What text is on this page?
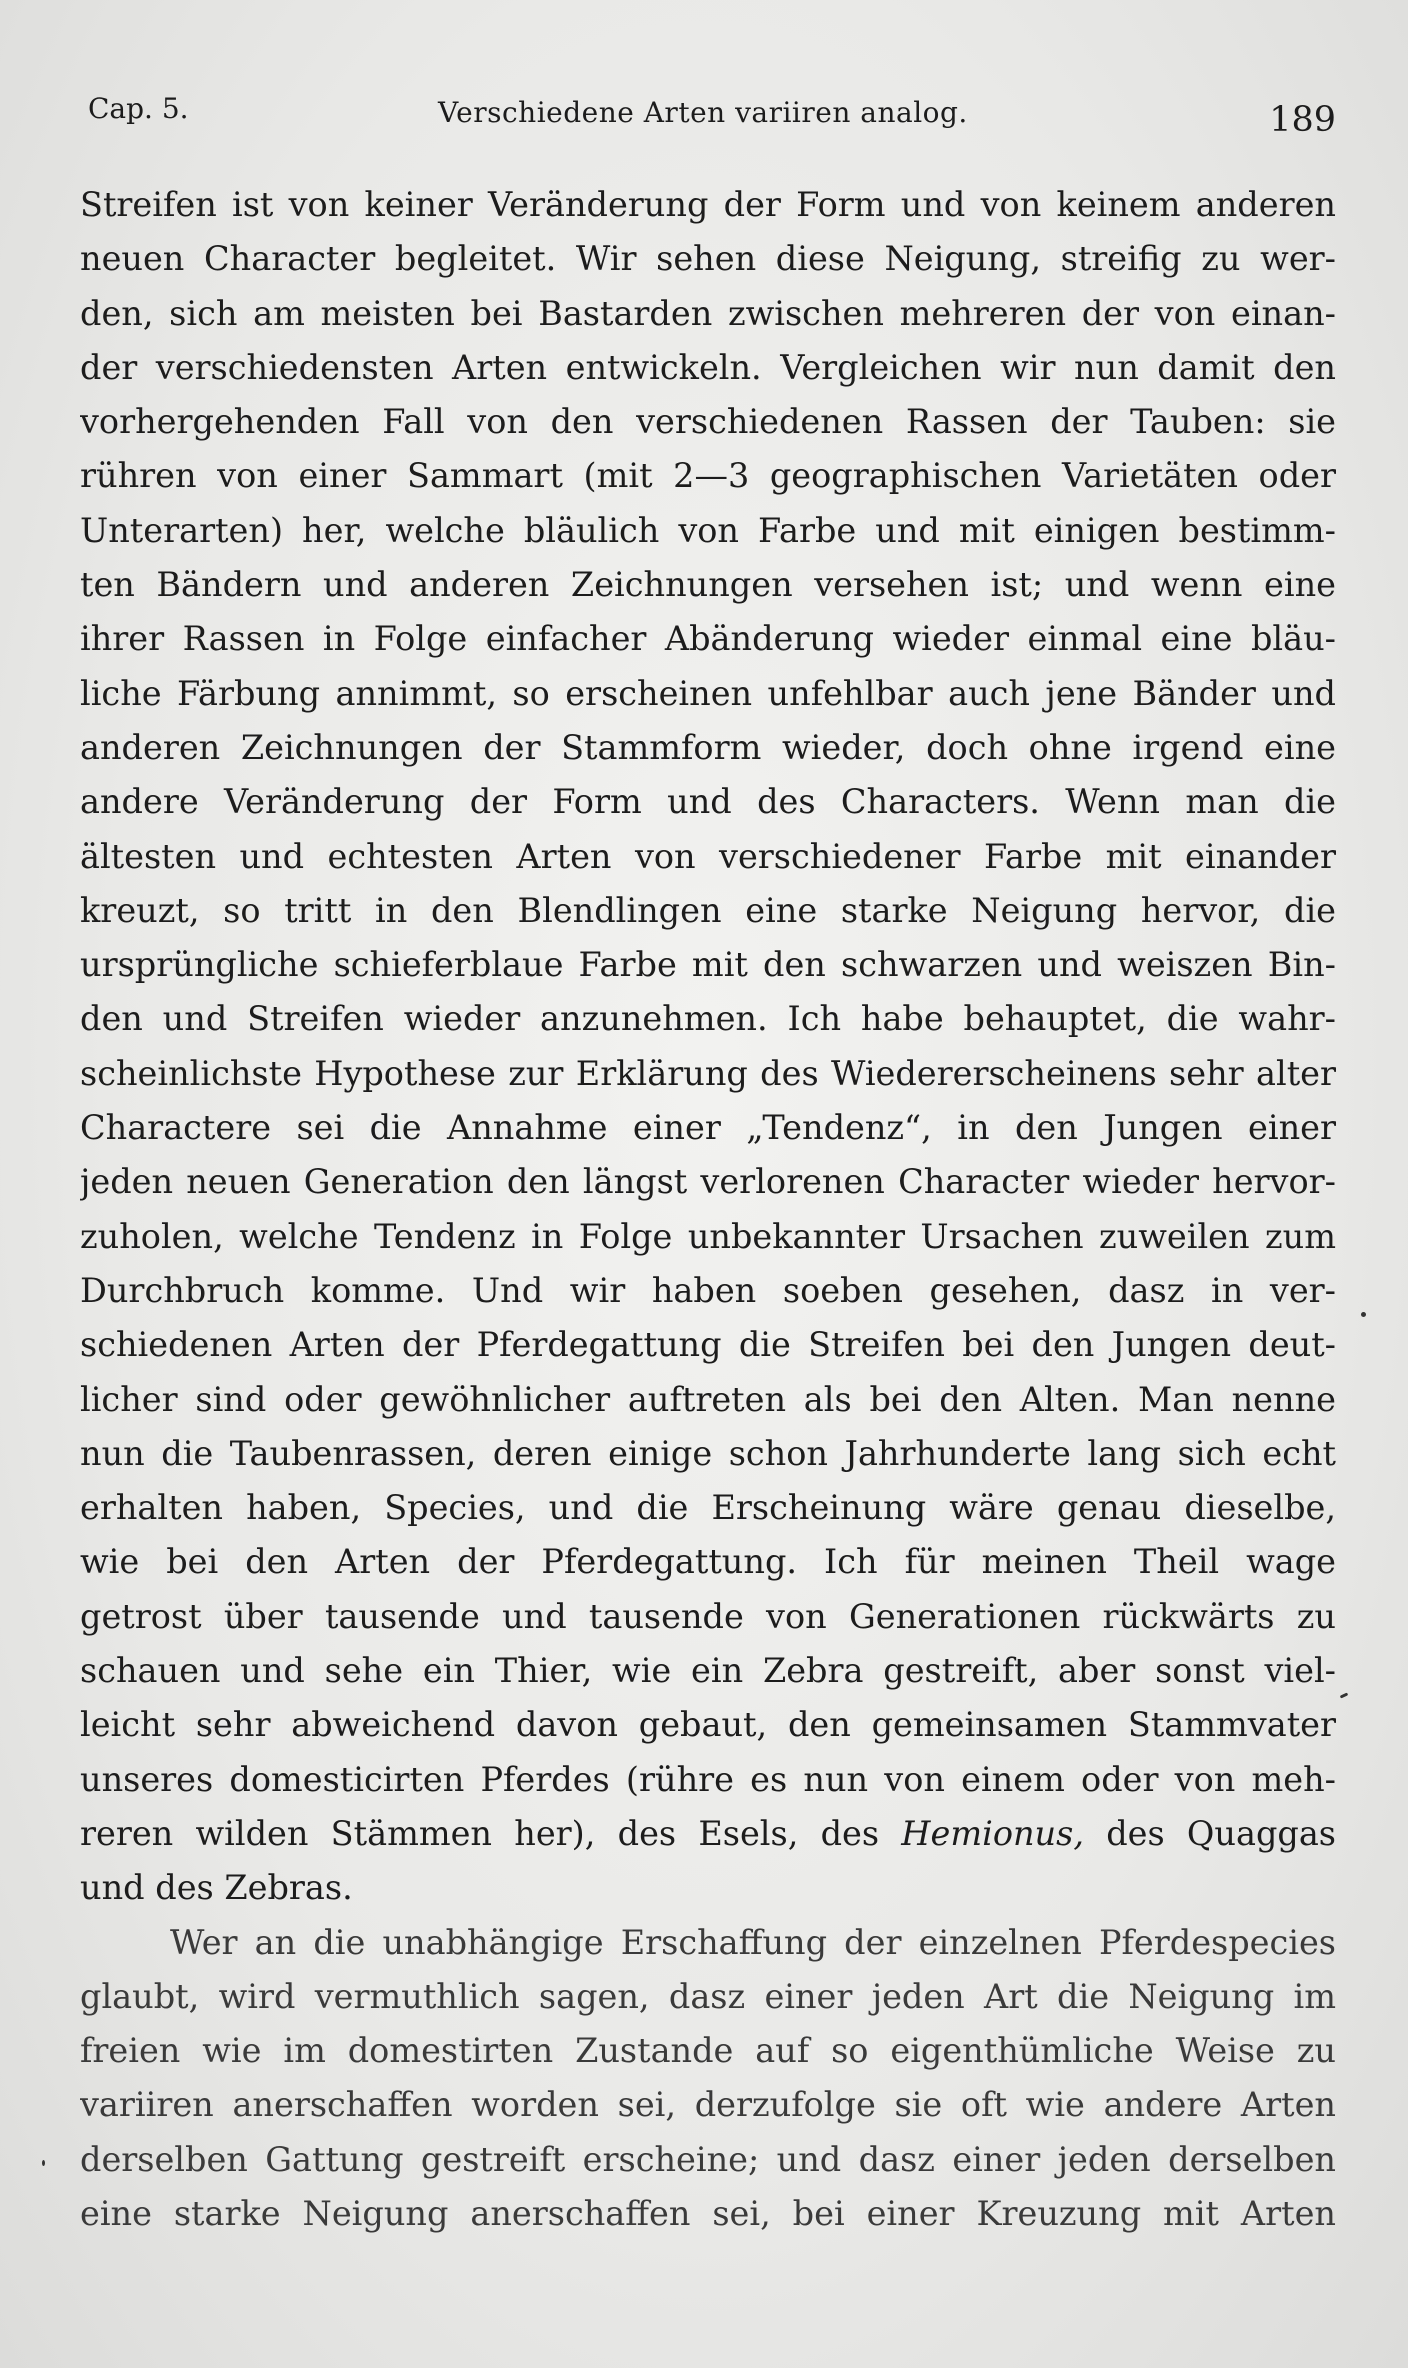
Cap. 5.	Verschiedene Arten variiren analog.	189
Streifen ist von keiner Veränderung der Form und von keinem anderen
neuen Character begleitet. Wir sehen diese Neigung, streifig zu wer-
den, sich am meisten bei Bastarden zwischen mehreren der von einan-
der verschiedensten Arten entwickeln. Vergleichen wir nun damit den
vorhergehenden Fall von den verschiedenen Rassen der Tauben: sie
rühren von einer Sammart (mit 2—3 geographischen Varietäten oder
Unterarten) her, welche bläulich von Farbe und mit einigen bestimm-
ten Bändern und anderen Zeichnungen versehen ist; und wenn eine
ihrer Rassen in Folge einfacher Abänderung wieder einmal eine bläu-
liche Färbung annimmt, so erscheinen unfehlbar auch jene Bänder und
anderen Zeichnungen der Stammform wieder, doch ohne irgend eine
andere Veränderung der Form und des Characters. Wenn man die
ältesten und echtesten Arten von verschiedener Farbe mit einander
kreuzt, so tritt in den Blendlingen eine starke Neigung hervor, die
ursprüngliche schieferblaue Farbe mit den schwarzen und weiszen Bin-
den und Streifen wieder anzunehmen. Ich habe behauptet, die wahr-
scheinlichste Hypothese zur Erklärung des Wiedererscheinens sehr alter
Charactere sei die Annahme einer „Tendenz“, in den Jungen einer
jeden neuen Generation den längst verlorenen Character wieder hervor-
zuholen, welche Tendenz in Folge unbekannter Ursachen zuweilen zum
Durchbruch komme. Und wir haben soeben gesehen, dasz in ver-
schiedenen Arten der Pferdegattung die Streifen bei den Jungen deut-
licher sind oder gewöhnlicher auftreten als bei den Alten. Man nenne
nun die Taubenrassen, deren einige schon Jahrhunderte lang sich echt
erhalten haben, Species, und die Erscheinung wäre genau dieselbe,
wie bei den Arten der Pferdegattung. Ich für meinen Theil wage
getrost über tausende und tausende von Generationen rückwärts zu
schauen und sehe ein Thier, wie ein Zebra gestreift, aber sonst viel-
leicht sehr abweichend davon gebaut, den gemeinsamen Stammvater
unseres domesticirten Pferdes (rühre es nun von einem oder von meh-
reren wilden Stämmen her), des Esels, des Hemionus, des Quaggas
und des Zebras.
Wer an die unabhängige Erschaffung der einzelnen Pferdespecies
glaubt, wird vermuthlich sagen, dasz einer jeden Art die Neigung im
freien wie im domestirten Zustande auf so eigenthümliche Weise zu
variiren anerschaffen worden sei, derzufolge sie oft wie andere Arten
derselben Gattung gestreift erscheine; und dasz einer jeden derselben
eine starke Neigung anerschaffen sei, bei einer Kreuzung mit Arten
